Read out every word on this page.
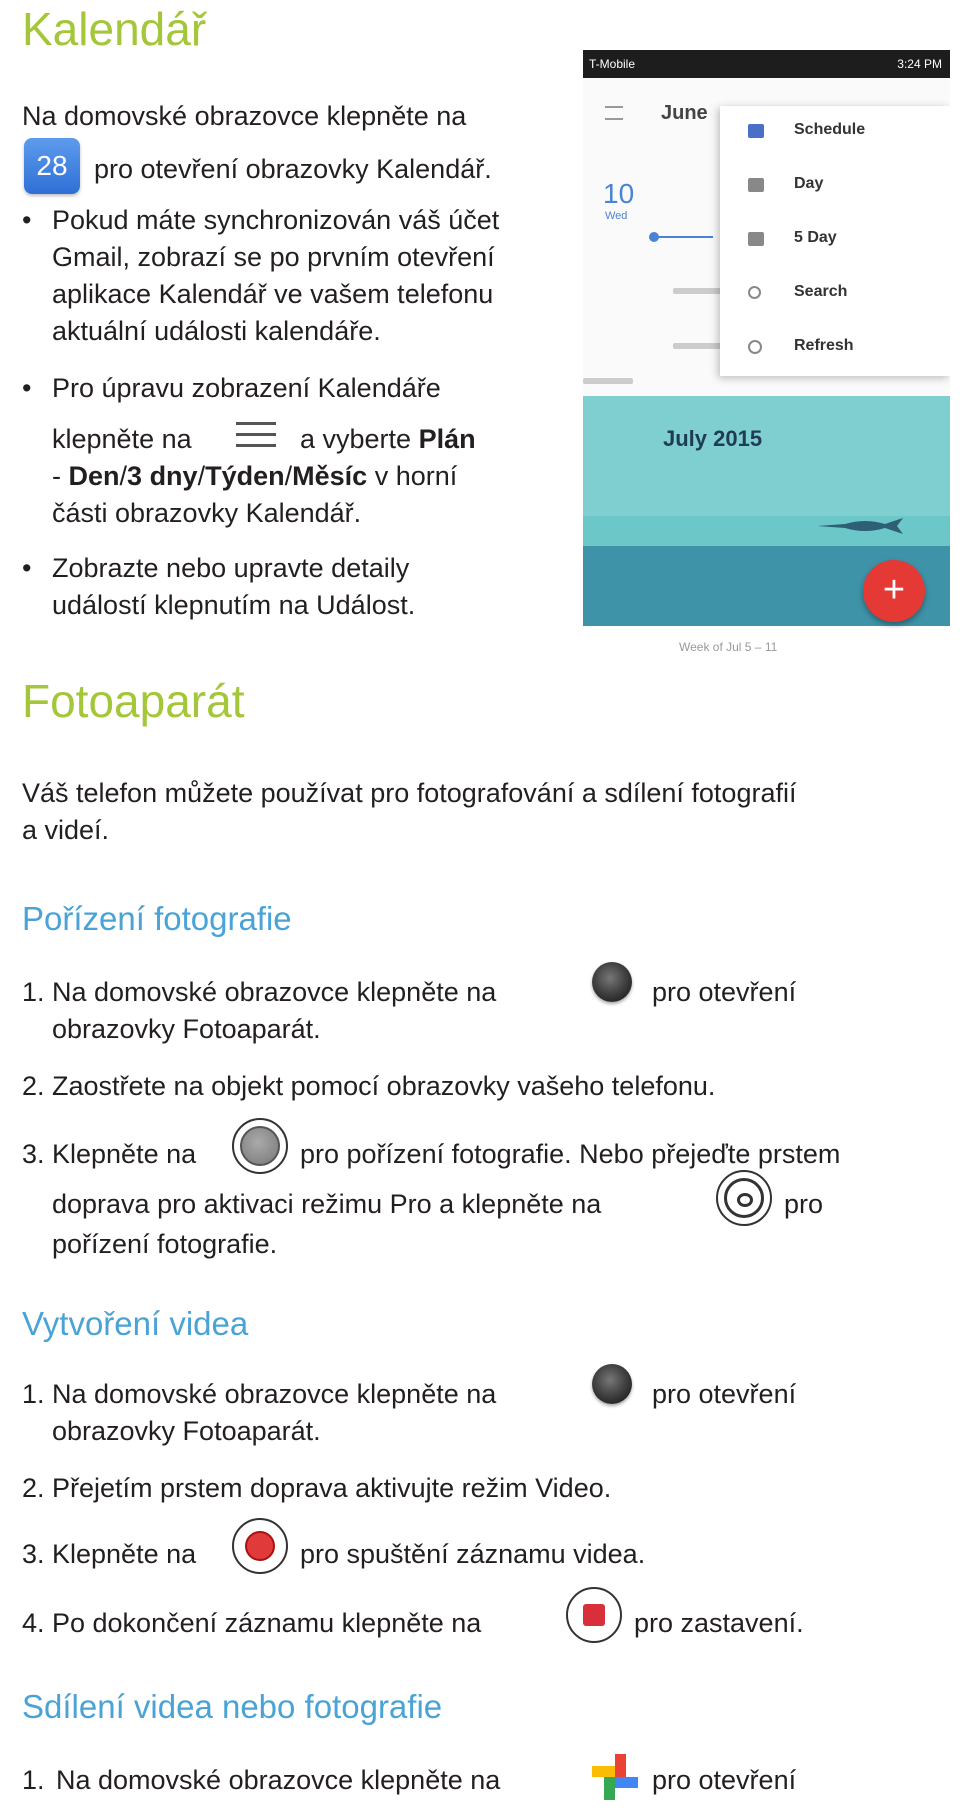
Kalendář
Na domovské obrazovce klepněte na
28 pro otevření obrazovky Kalendář.
• Pokud máte synchronizován váš účet
Gmail, zobrazí se po prvním otevření
aplikace Kalendář ve vašem telefonu
aktuální události kalendáře.
• Pro úpravu zobrazení Kalendáře
klepněte na	a vyberte Plán
- Den/3 dny/Týden/Měsíc v horní
části obrazovky Kalendář.
• Zobrazte nebo upravte detaily
událostí klepnutím na Událost.
T-Mobile	3:24 PM
June
10
Wed
Schedule
Day
5 Day
Search
Refresh
July 2015
+
Week of Jul 5 – 11
Fotoaparát
Váš telefon můžete používat pro fotografování a sdílení fotografií
a videí.
Pořízení fotografie
1. Na domovské obrazovce klepněte na	pro otevření
obrazovky Fotoaparát.
2. Zaostřete na objekt pomocí obrazovky vašeho telefonu.
3. Klepněte na	pro pořízení fotografie. Nebo přejeďte prstem
doprava pro aktivaci režimu Pro a klepněte na	pro
pořízení fotografie.
Vytvoření videa
1. Na domovské obrazovce klepněte na	pro otevření
obrazovky Fotoaparát.
2. Přejetím prstem doprava aktivujte režim Video.
3. Klepněte na	pro spuštění záznamu videa.
4. Po dokončení záznamu klepněte na	pro zastavení.
Sdílení videa nebo fotografie
1. Na domovské obrazovce klepněte na	pro otevření
